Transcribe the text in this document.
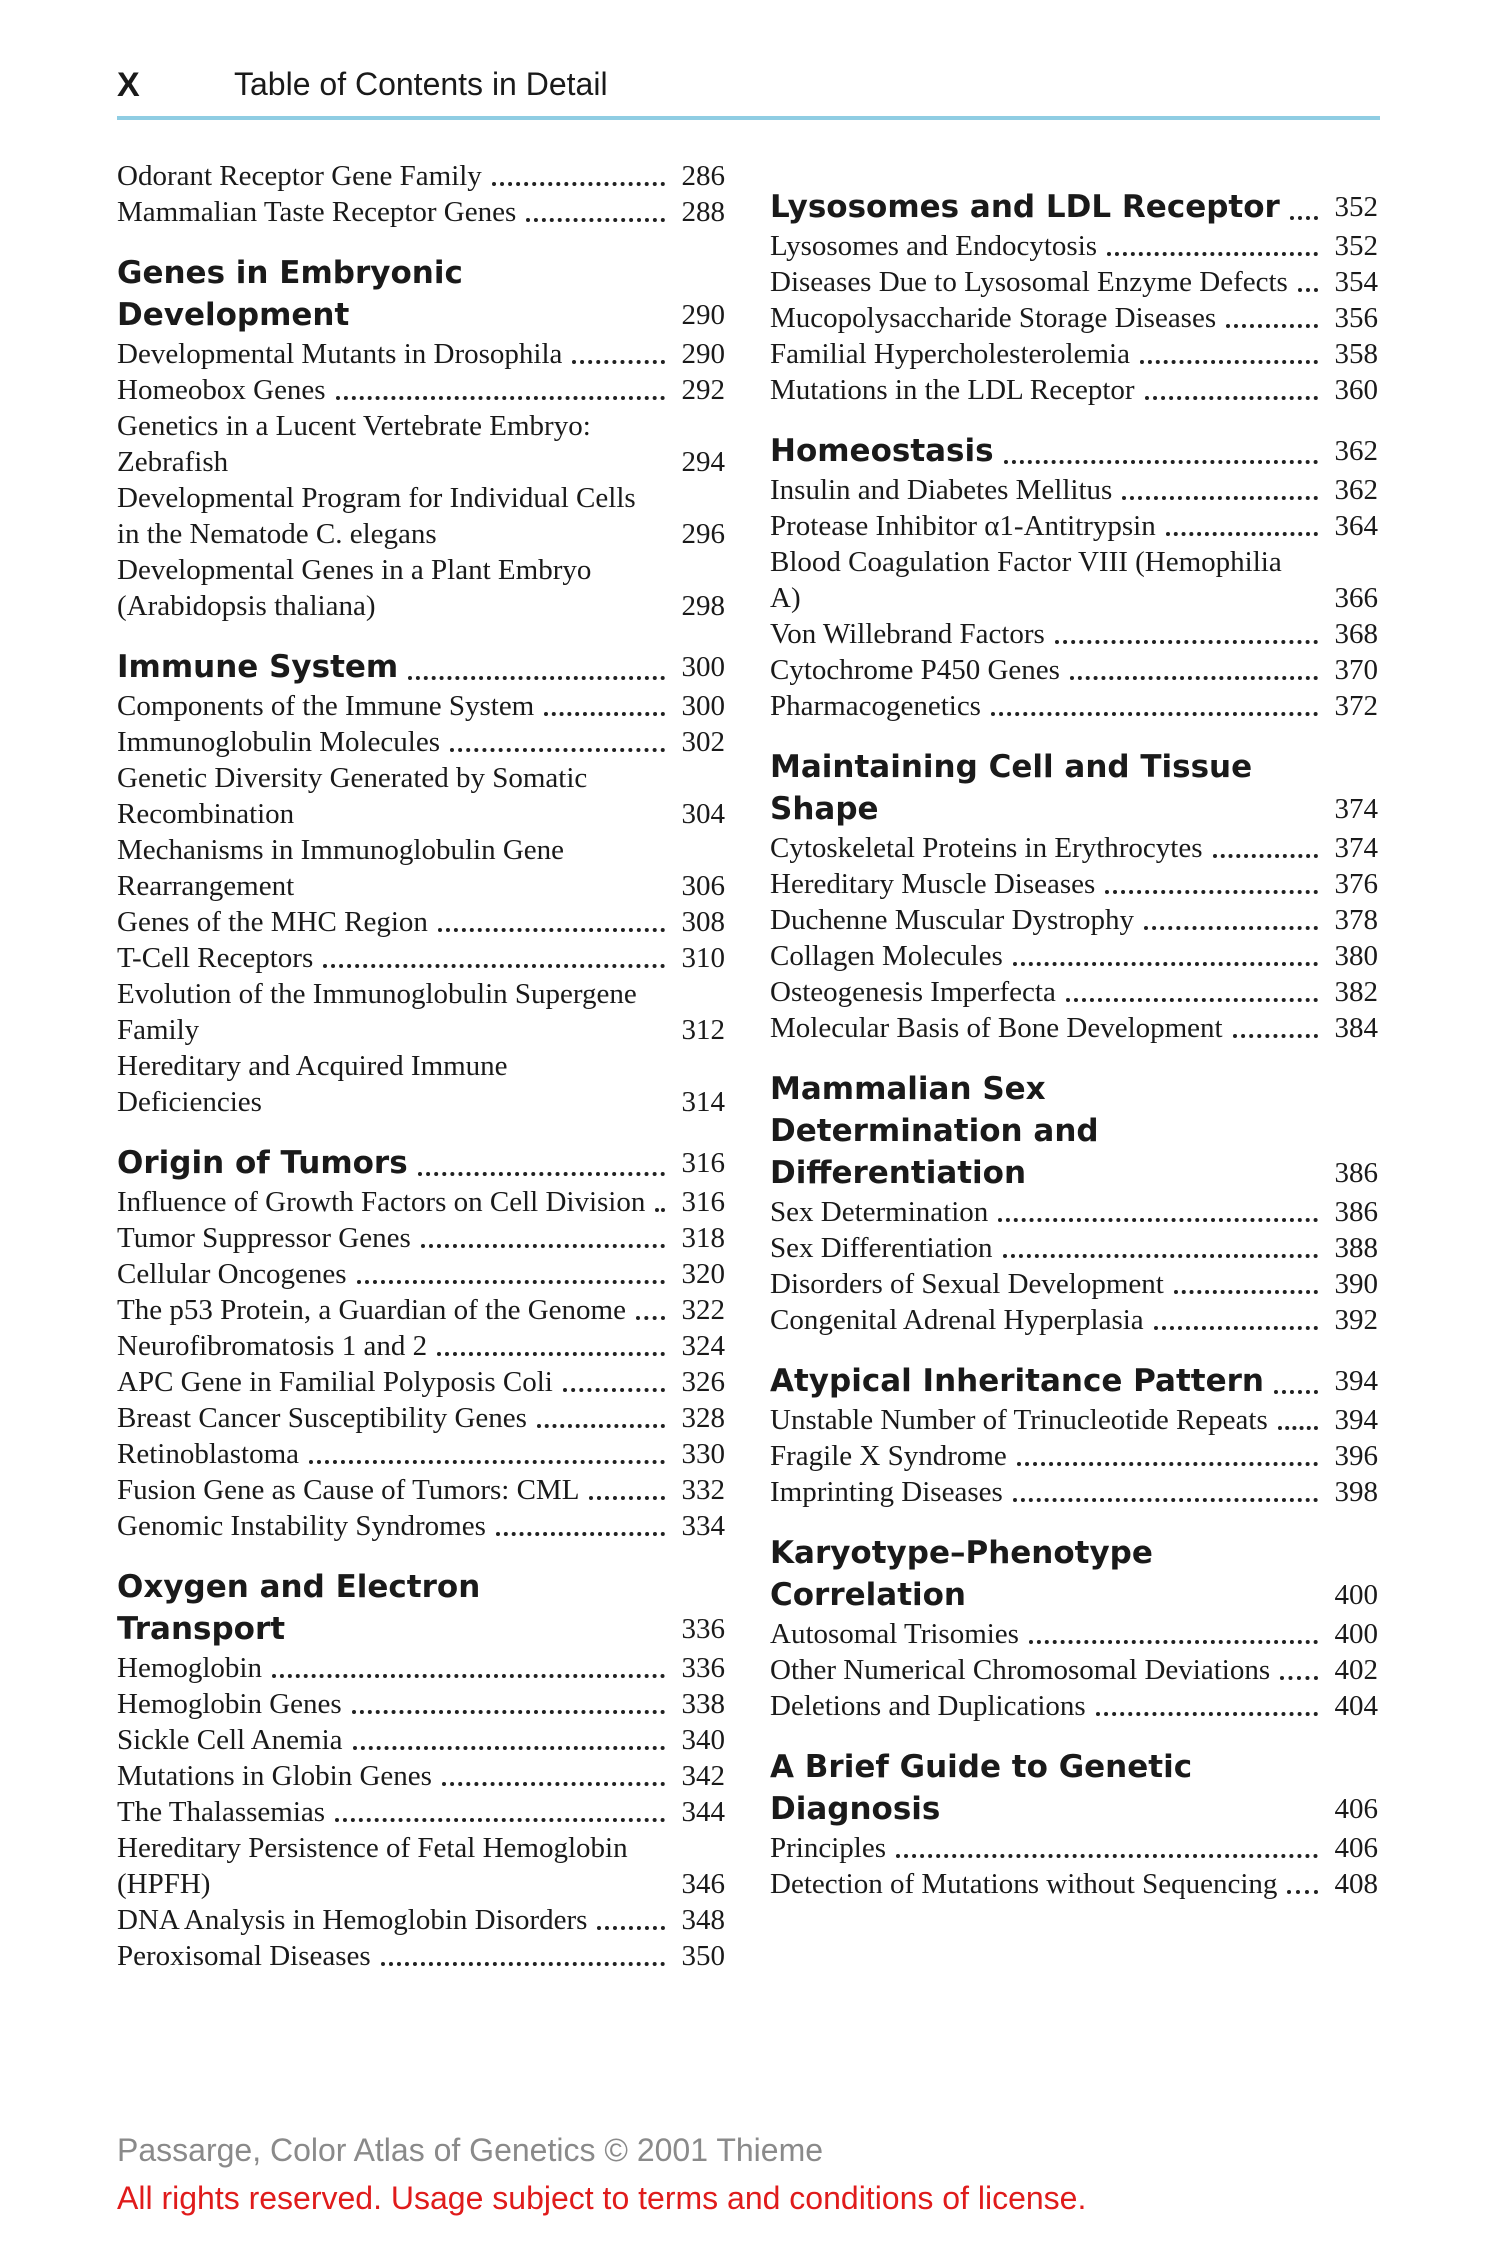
X	Table of Contents in Detail
Odorant Receptor Gene Family	286
Mammalian Taste Receptor Genes	288
Genes in Embryonic Development	290
Developmental Mutants in Drosophila	290
Homeobox Genes	292
Genetics in a Lucent Vertebrate Embryo: Zebrafish	294
Developmental Program for Individual Cells in the Nematode C. elegans	296
Developmental Genes in a Plant Embryo (Arabidopsis thaliana)	298
Immune System	300
Components of the Immune System	300
Immunoglobulin Molecules	302
Genetic Diversity Generated by Somatic Recombination	304
Mechanisms in Immunoglobulin Gene Rearrangement	306
Genes of the MHC Region	308
T-Cell Receptors	310
Evolution of the Immunoglobulin Supergene Family	312
Hereditary and Acquired Immune Deficiencies	314
Origin of Tumors	316
Influence of Growth Factors on Cell Division 316
Tumor Suppressor Genes	318
Cellular Oncogenes	320
The p53 Protein, a Guardian of the Genome 322
Neurofibromatosis 1 and 2	324
APC Gene in Familial Polyposis Coli	326
Breast Cancer Susceptibility Genes	328
Retinoblastoma	330
Fusion Gene as Cause of Tumors: CML	332
Genomic Instability Syndromes	334
Oxygen and Electron Transport	336
Hemoglobin	336
Hemoglobin Genes	338
Sickle Cell Anemia	340
Mutations in Globin Genes	342
The Thalassemias	344
Hereditary Persistence of Fetal Hemoglobin (HPFH)	346
DNA Analysis in Hemoglobin Disorders	348
Peroxisomal Diseases	350
Lysosomes and LDL Receptor 352
Lysosomes and Endocytosis	352
Diseases Due to Lysosomal Enzyme Defects 354
Mucopolysaccharide Storage Diseases	356
Familial Hypercholesterolemia	358
Mutations in the LDL Receptor	360
Homeostasis	362
Insulin and Diabetes Mellitus	362
Protease Inhibitor α1-Antitrypsin	364
Blood Coagulation Factor VIII (Hemophilia A)	366
Von Willebrand Factors	368
Cytochrome P450 Genes	370
Pharmacogenetics	372
Maintaining Cell and Tissue Shape	374
Cytoskeletal Proteins in Erythrocytes	374
Hereditary Muscle Diseases	376
Duchenne Muscular Dystrophy	378
Collagen Molecules	380
Osteogenesis Imperfecta	382
Molecular Basis of Bone Development	384
Mammalian Sex Determination and Differentiation	386
Sex Determination	386
Sex Differentiation	388
Disorders of Sexual Development	390
Congenital Adrenal Hyperplasia	392
Atypical Inheritance Pattern 394
Unstable Number of Trinucleotide Repeats 394
Fragile X Syndrome	396
Imprinting Diseases	398
Karyotype–Phenotype Correlation	400
Autosomal Trisomies	400
Other Numerical Chromosomal Deviations 402
Deletions and Duplications	404
A Brief Guide to Genetic Diagnosis	406
Principles	406
Detection of Mutations without Sequencing 408
Passarge, Color Atlas of Genetics © 2001 Thieme
All rights reserved. Usage subject to terms and conditions of license.
